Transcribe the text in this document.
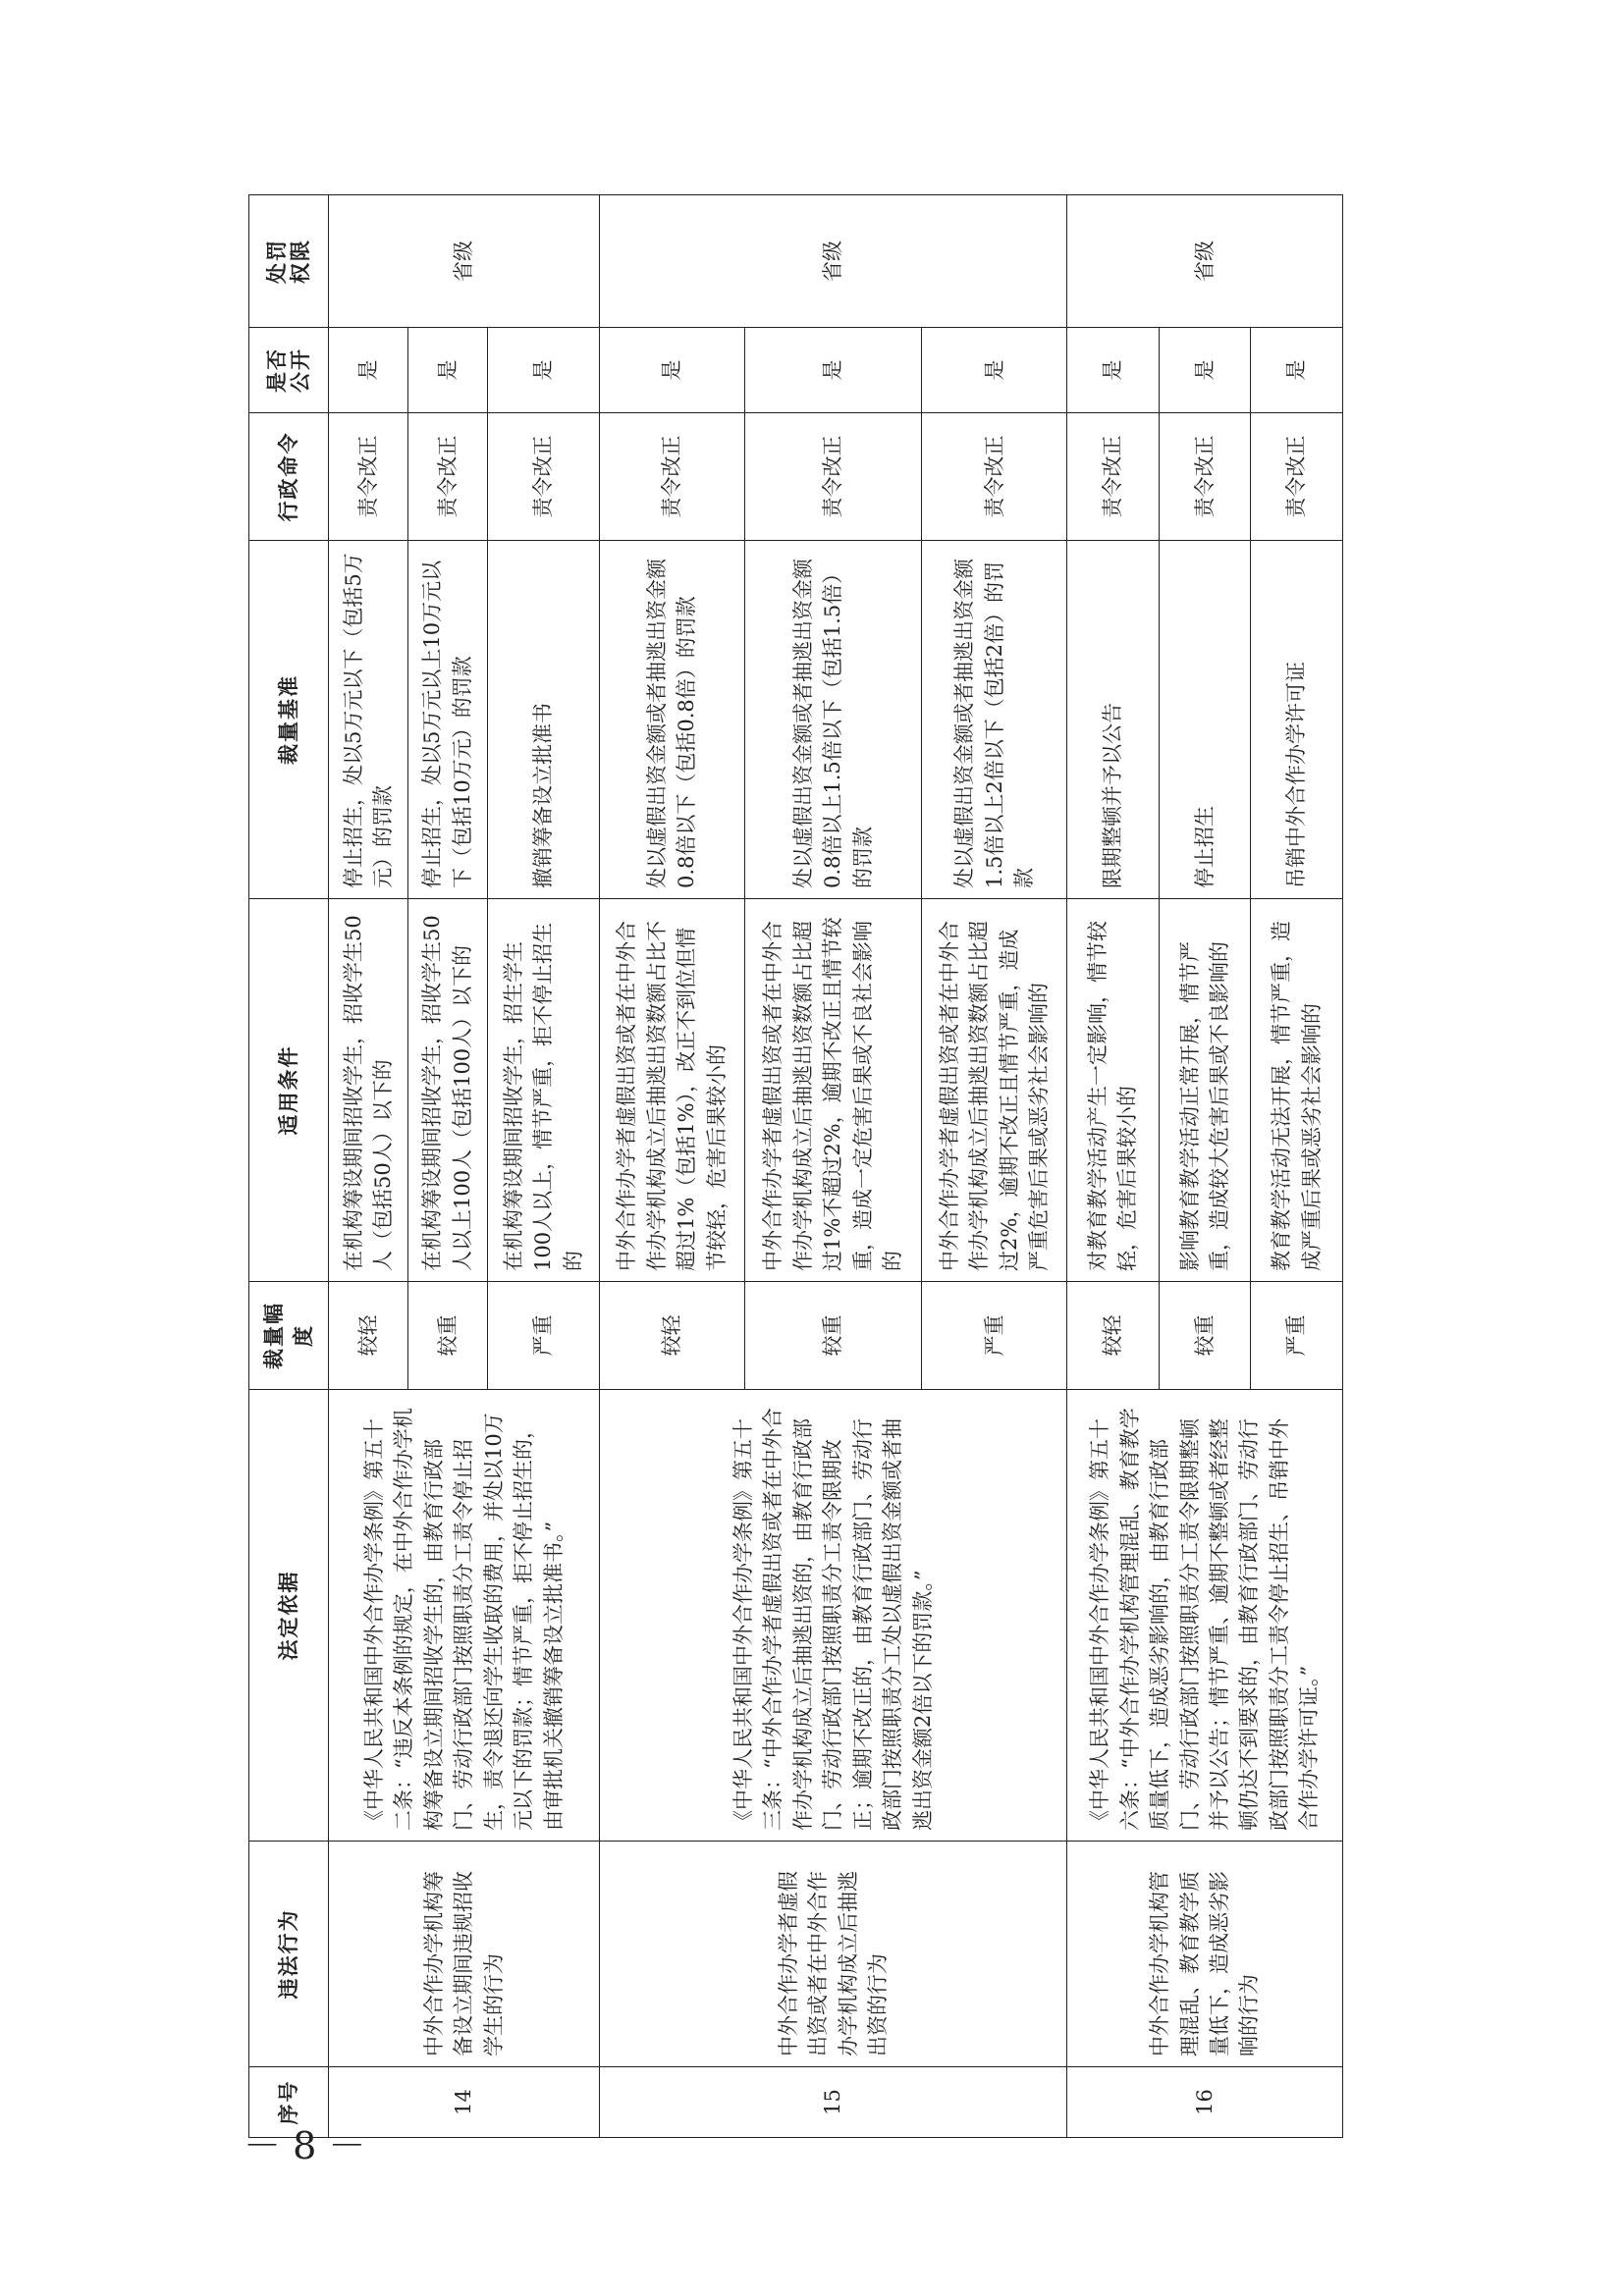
－ 8 －
序号	违法行为	法定依据	裁量幅度	适用条件	裁量基准	行政命令	是否 公开	处罚 权限

14	中外合作办学机构筹备设立期间违规招收学生的行为	《中华人民共和国中外合作办学条例》第五十二条：“违反本条例的规定，在中外合作办学机构筹备设立期间招收学生的，由教育行政部门、劳动行政部门按照职责分工责令停止招生，责令退还向学生收取的费用，并处以10万元以下的罚款；情节严重，拒不停止招生的，由审批机关撤销筹备设立批准书。”	较轻	在机构筹设期间招收学生，招收学生50人（包括50人）以下的	停止招生，处以5万元以下（包括5万元）的罚款	责令改正	是	省级
			较重	在机构筹设期间招收学生，招收学生50人以上100人（包括100人）以下的	停止招生，处以5万元以上10万元以下（包括10万元）的罚款	责令改正	是	
			严重	在机构筹设期间招收学生，招生学生100人以上，情节严重，拒不停止招生的	撤销筹备设立批准书	责令改正	是	
15	中外合作办学者虚假出资或者在中外合作办学机构成立后抽逃出资的行为	《中华人民共和国中外合作办学条例》第五十三条：“中外合作办学者虚假出资或者在中外合作办学机构成立后抽逃出资的，由教育行政部门、劳动行政部门按照职责分工责令限期改正；逾期不改正的，由教育行政部门、劳动行政部门按照职责分工处以虚假出资金额或者抽逃出资金额2倍以下的罚款。”	较轻	中外合作办学者虚假出资或者在中外合作办学机构成立后抽逃出资数额占比不超过1%（包括1%），改正不到位但情节较轻，危害后果较小的	处以虚假出资金额或者抽逃出资金额0.8倍以下（包括0.8倍）的罚款	责令改正	是	省级
			较重	中外合作办学者虚假出资或者在中外合作办学机构成立后抽逃出资数额占比超过1%不超过2%，逾期不改正且情节较重，造成一定危害后果或不良社会影响的	处以虚假出资金额或者抽逃出资金额0.8倍以上1.5倍以下（包括1.5倍）的罚款	责令改正	是	
			严重	中外合作办学者虚假出资或者在中外合作办学机构成立后抽逃出资数额占比超过2%，逾期不改正且情节严重，造成严重危害后果或恶劣社会影响的	处以虚假出资金额或者抽逃出资金额1.5倍以上2倍以下（包括2倍）的罚款	责令改正	是	
16	中外合作办学机构管理混乱、教育教学质量低下，造成恶劣影响的行为	《中华人民共和国中外合作办学条例》第五十六条：“中外合作办学机构管理混乱、教育教学质量低下，造成恶劣影响的，由教育行政部门、劳动行政部门按照职责分工责令限期整顿并予以公告；情节严重、逾期不整顿或者经整顿仍达不到要求的，由教育行政部门、劳动行政部门按照职责分工责令停止招生、吊销中外合作办学许可证。”	较轻	对教育教学活动产生一定影响，情节较轻，危害后果较小的	限期整顿并予以公告	责令改正	是	省级
			较重	影响教育教学活动正常开展，情节严重，造成较大危害后果或不良影响的	停止招生	责令改正	是	
			严重	教育教学活动无法开展，情节严重，造成严重后果或恶劣社会影响的	吊销中外合作办学许可证	责令改正	是	
